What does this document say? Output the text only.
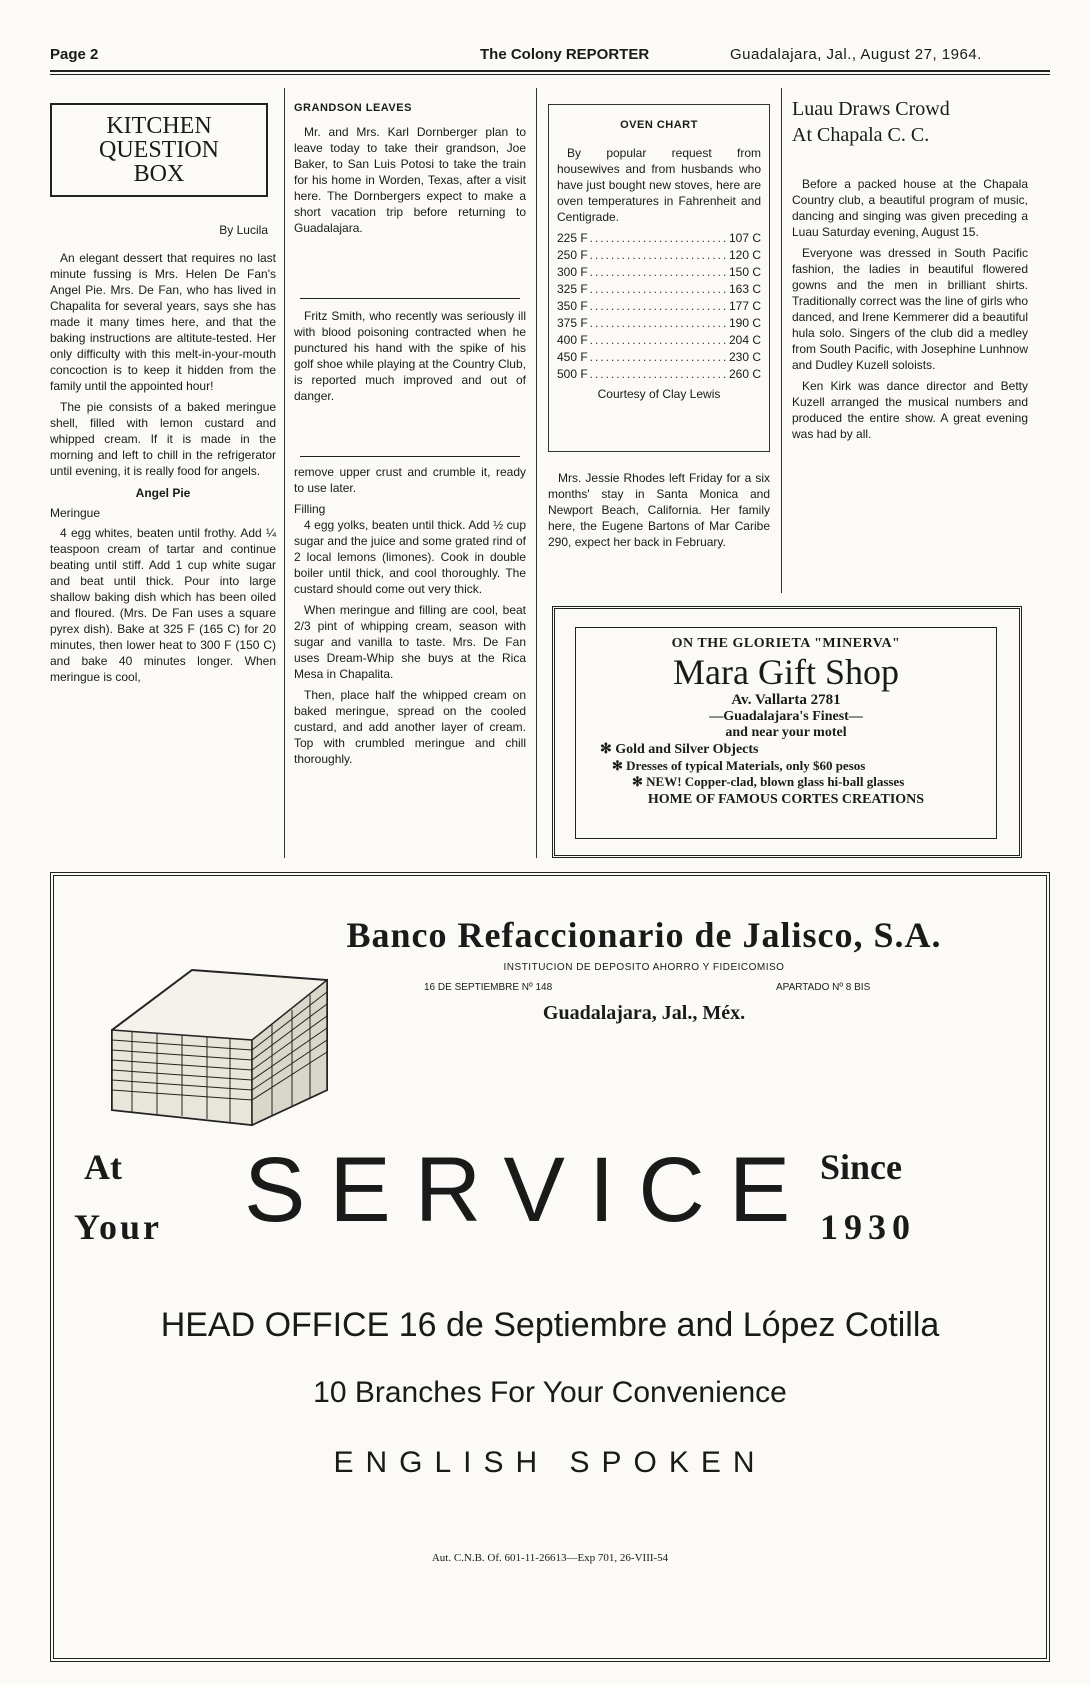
Page 2	The Colony REPORTER	Guadalajara, Jal., August 27, 1964.
KITCHEN
QUESTION
BOX
By Lucila

An elegant dessert that requires no last minute fussing is Mrs. Helen De Fan's Angel Pie. Mrs. De Fan, who has lived in Chapalita for several years, says she has made it many times here, and that the baking instructions are altitute-tested. Her only difficulty with this melt-in-your-mouth concoction is to keep it hidden from the family until the appointed hour!

The pie consists of a baked meringue shell, filled with lemon custard and whipped cream. If it is made in the morning and left to chill in the refrigerator until evening, it is really food for angels.

Angel Pie
Meringue

4 egg whites, beaten until frothy. Add ¼ teaspoon cream of tartar and continue beating until stiff. Add 1 cup white sugar and beat until thick. Pour into large shallow baking dish which has been oiled and floured. (Mrs. De Fan uses a square pyrex dish). Bake at 325 F (165 C) for 20 minutes, then lower heat to 300 F (150 C) and bake 40 minutes longer. When meringue is cool,

GRANDSON LEAVES

Mr. and Mrs. Karl Dornberger plan to leave today to take their grandson, Joe Baker, to San Luis Potosi to take the train for his home in Worden, Texas, after a visit here. The Dornbergers expect to make a short vacation trip before returning to Guadalajara.

Fritz Smith, who recently was seriously ill with blood poisoning contracted when he punctured his hand with the spike of his golf shoe while playing at the Country Club, is reported much improved and out of danger.

remove upper crust and crumble it, ready to use later.

Filling

4 egg yolks, beaten until thick. Add ½ cup sugar and the juice and some grated rind of 2 local lemons (limones). Cook in double boiler until thick, and cool thoroughly. The custard should come out very thick.

When meringue and filling are cool, beat 2/3 pint of whipping cream, season with sugar and vanilla to taste. Mrs. De Fan uses Dream-Whip she buys at the Rica Mesa in Chapalita.

Then, place half the whipped cream on baked meringue, spread on the cooled custard, and add another layer of cream. Top with crumbled meringue and chill thoroughly.

OVEN CHART

By popular request from housewives and from husbands who have just bought new stoves, here are oven temperatures in Fahrenheit and Centigrade.

225 F .......................... 107 C
250 F .......................... 120 C
300 F .......................... 150 C
325 F .......................... 163 C
350 F .......................... 177 C
375 F .......................... 190 C
400 F .......................... 204 C
450 F .......................... 230 C
500 F .......................... 260 C
Courtesy of Clay Lewis

Mrs. Jessie Rhodes left Friday for a six months' stay in Santa Monica and Newport Beach, California. Her family here, the Eugene Bartons of Mar Caribe 290, expect her back in February.

Luau Draws Crowd
At Chapala C. C.

Before a packed house at the Chapala Country club, a beautiful program of music, dancing and singing was given preceding a Luau Saturday evening, August 15.

Everyone was dressed in South Pacific fashion, the ladies in beautiful flowered gowns and the men in brilliant shirts. Traditionally correct was the line of girls who danced, and Irene Kemmerer did a beautiful hula solo. Singers of the club did a medley from South Pacific, with Josephine Lunhnow and Dudley Kuzell soloists.

Ken Kirk was dance director and Betty Kuzell arranged the musical numbers and produced the entire show. A great evening was had by all.

ON THE GLORIETA "MINERVA"
Mara Gift Shop
Av. Vallarta 2781
—Guadalajara's Finest—
and near your motel
✻ Gold and Silver Objects
✻ Dresses of typical Materials, only $60 pesos
✻ NEW! Copper-clad, blown glass hi-ball glasses
HOME OF FAMOUS CORTES CREATIONS
Banco Refaccionario de Jalisco, S.A.
INSTITUCION DE DEPOSITO AHORRO Y FIDEICOMISO
16 DE SEPTIEMBRE Nº 148	APARTADO Nº 8 BIS
Guadalajara, Jal., Méx.
At
Your SERVICE Since
1930
HEAD OFFICE 16 de Septiembre and López Cotilla
10 Branches For Your Convenience
ENGLISH SPOKEN
Aut. C.N.B. Of. 601-11-26613—Exp 701, 26-VIII-54
